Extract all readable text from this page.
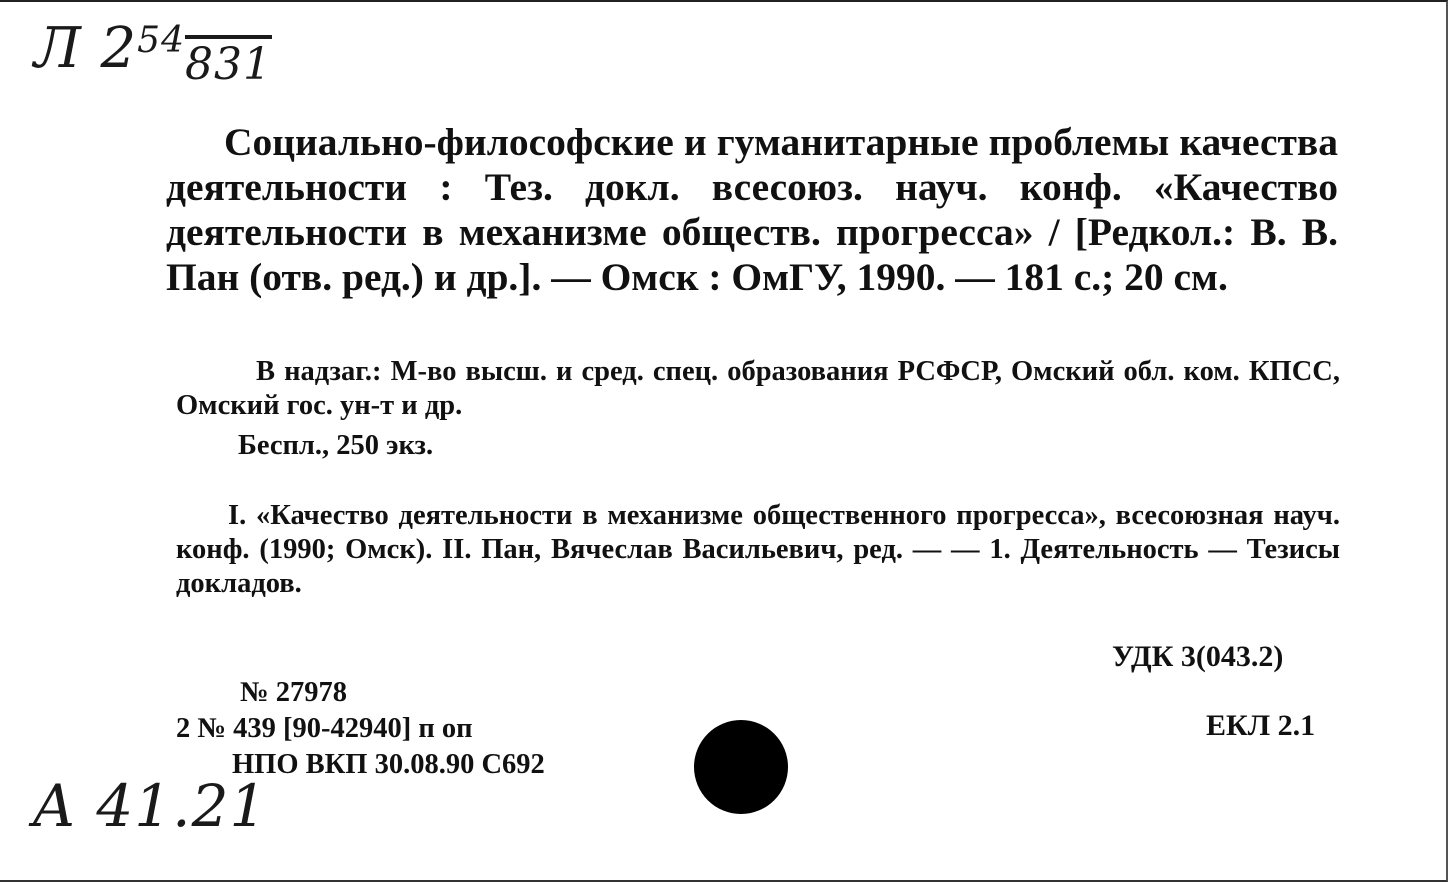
Л $2^{54}_{831}$
Социально-философские и гуманитарные проблемы качества деятельности : Тез. докл. всесоюз. науч. конф. «Качество деятельности в механизме обществ. прогресса» / [Редкол.: В. В. Пан (отв. ред.) и др.]. — Омск : ОмГУ, 1990. — 181 с.; 20 см.
В надзаг.: М-во высш. и сред. спец. образования РСФСР, Омский обл. ком. КПСС, Омский гос. ун-т и др.
Беспл., 250 экз.
I. «Качество деятельности в механизме общественного прогресса», всесоюзная науч. конф. (1990; Омск). II. Пан, Вячеслав Васильевич, ред. — — 1. Деятельность — Тезисы докладов.
УДК 3(043.2)
ЕКЛ 2.1
№ 27978
2 № 439 [90-42940] п оп
НПО ВКП 30.08.90 С692
А 41.21
